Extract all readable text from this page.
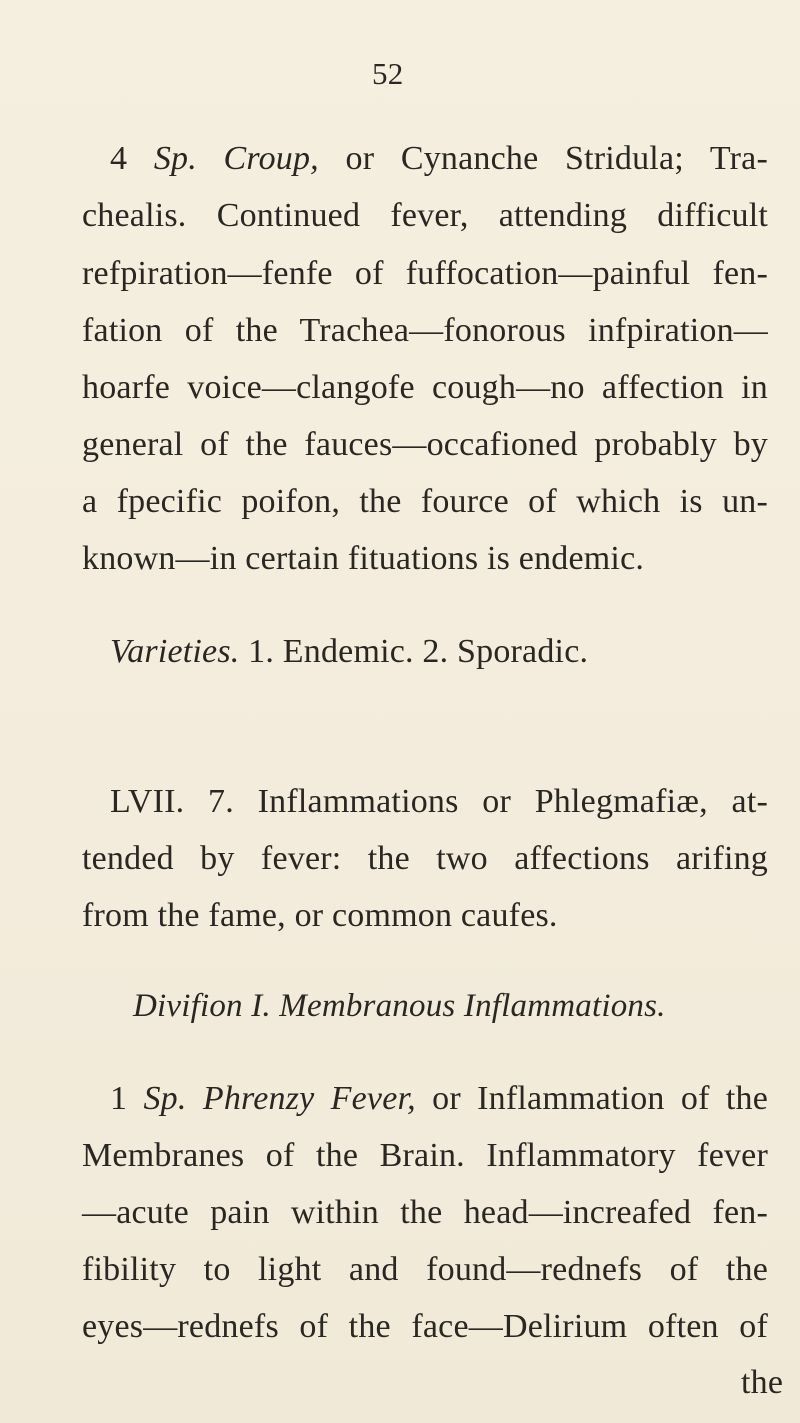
52
4 Sp. Croup, or Cynanche Stridula; Tra-
chealis. Continued fever, attending difficult
refpiration—fenfe of fuffocation—painful fen-
fation of the Trachea—fonorous infpiration—
hoarfe voice—clangofe cough—no affection in
general of the fauces—occafioned probably by
a fpecific poifon, the fource of which is un-
known—in certain fituations is endemic.
Varieties. 1. Endemic. 2. Sporadic.
LVII. 7. Inflammations or Phlegmafiæ, at-
tended by fever: the two affections arifing
from the fame, or common caufes.
Divifion I. Membranous Inflammations.
1 Sp. Phrenzy Fever, or Inflammation of the
Membranes of the Brain. Inflammatory fever
—acute pain within the head—increafed fen-
fibility to light and found—rednefs of the
eyes—rednefs of the face—Delirium often of
the
